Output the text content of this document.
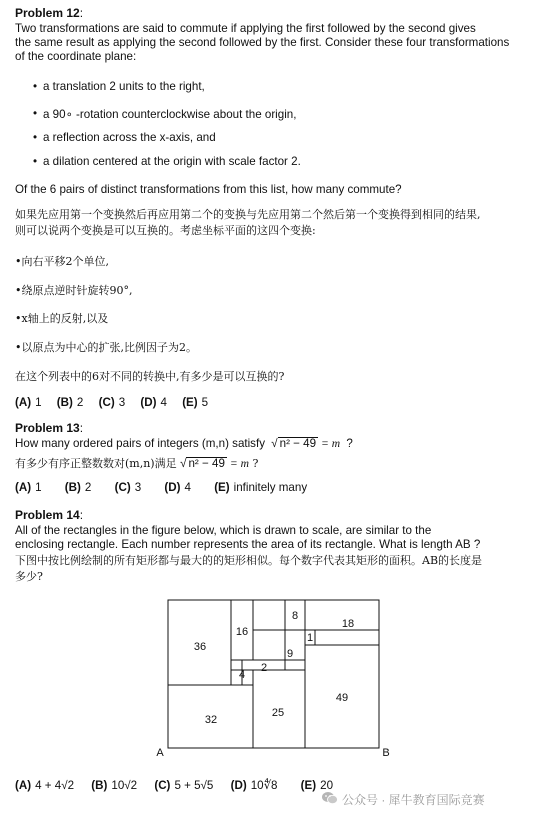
Problem 12:
Two transformations are said to commute if applying the first followed by the second gives
the same result as applying the second followed by the first. Consider these four transformations
of the coordinate plane:
• a translation 2 units to the right,
• a 90∘ -rotation counterclockwise about the origin,
• a reflection across the x-axis, and
• a dilation centered at the origin with scale factor 2.
Of the 6 pairs of distinct transformations from this list, how many commute?
如果先应用第一个变换然后再应用第二个的变换与先应用第二个然后第一个变换得到相同的结果,
则可以说两个变换是可以互换的。考虑坐标平面的这四个变换:
•向右平移2个单位,
•绕原点逆时针旋转90°,
•x轴上的反射,以及
•以原点为中心的扩张,比例因子为2。
在这个列表中的6对不同的转换中,有多少是可以互换的?
(A) 1 (B) 2 (C) 3 (D) 4 (E) 5
Problem 13:
How many ordered pairs of integers (m,n) satisfy √ n² − 49 = m ?
有多少有序正整数数对(m,n)满足 √ n² − 49 = m ?
(A) 1 (B) 2 (C) 3 (D) 4 (E) infinitely many
Problem 14:
All of the rectangles in the figure below, which is drawn to scale, are similar to the
enclosing rectangle. Each number represents the area of its rectangle. What is length AB ?
下图中按比例绘制的所有矩形都与最大的的矩形相似。每个数字代表其矩形的面积。AB的长度是
多少?
36
16
8
18
1
9
2
4
49
32
25
A	B
(A) 4 + 4√2 (B) 10√2 (C) 5 + 5√5 (D) 10∜8 (E) 20
公众号 · 犀牛教育国际竞赛
